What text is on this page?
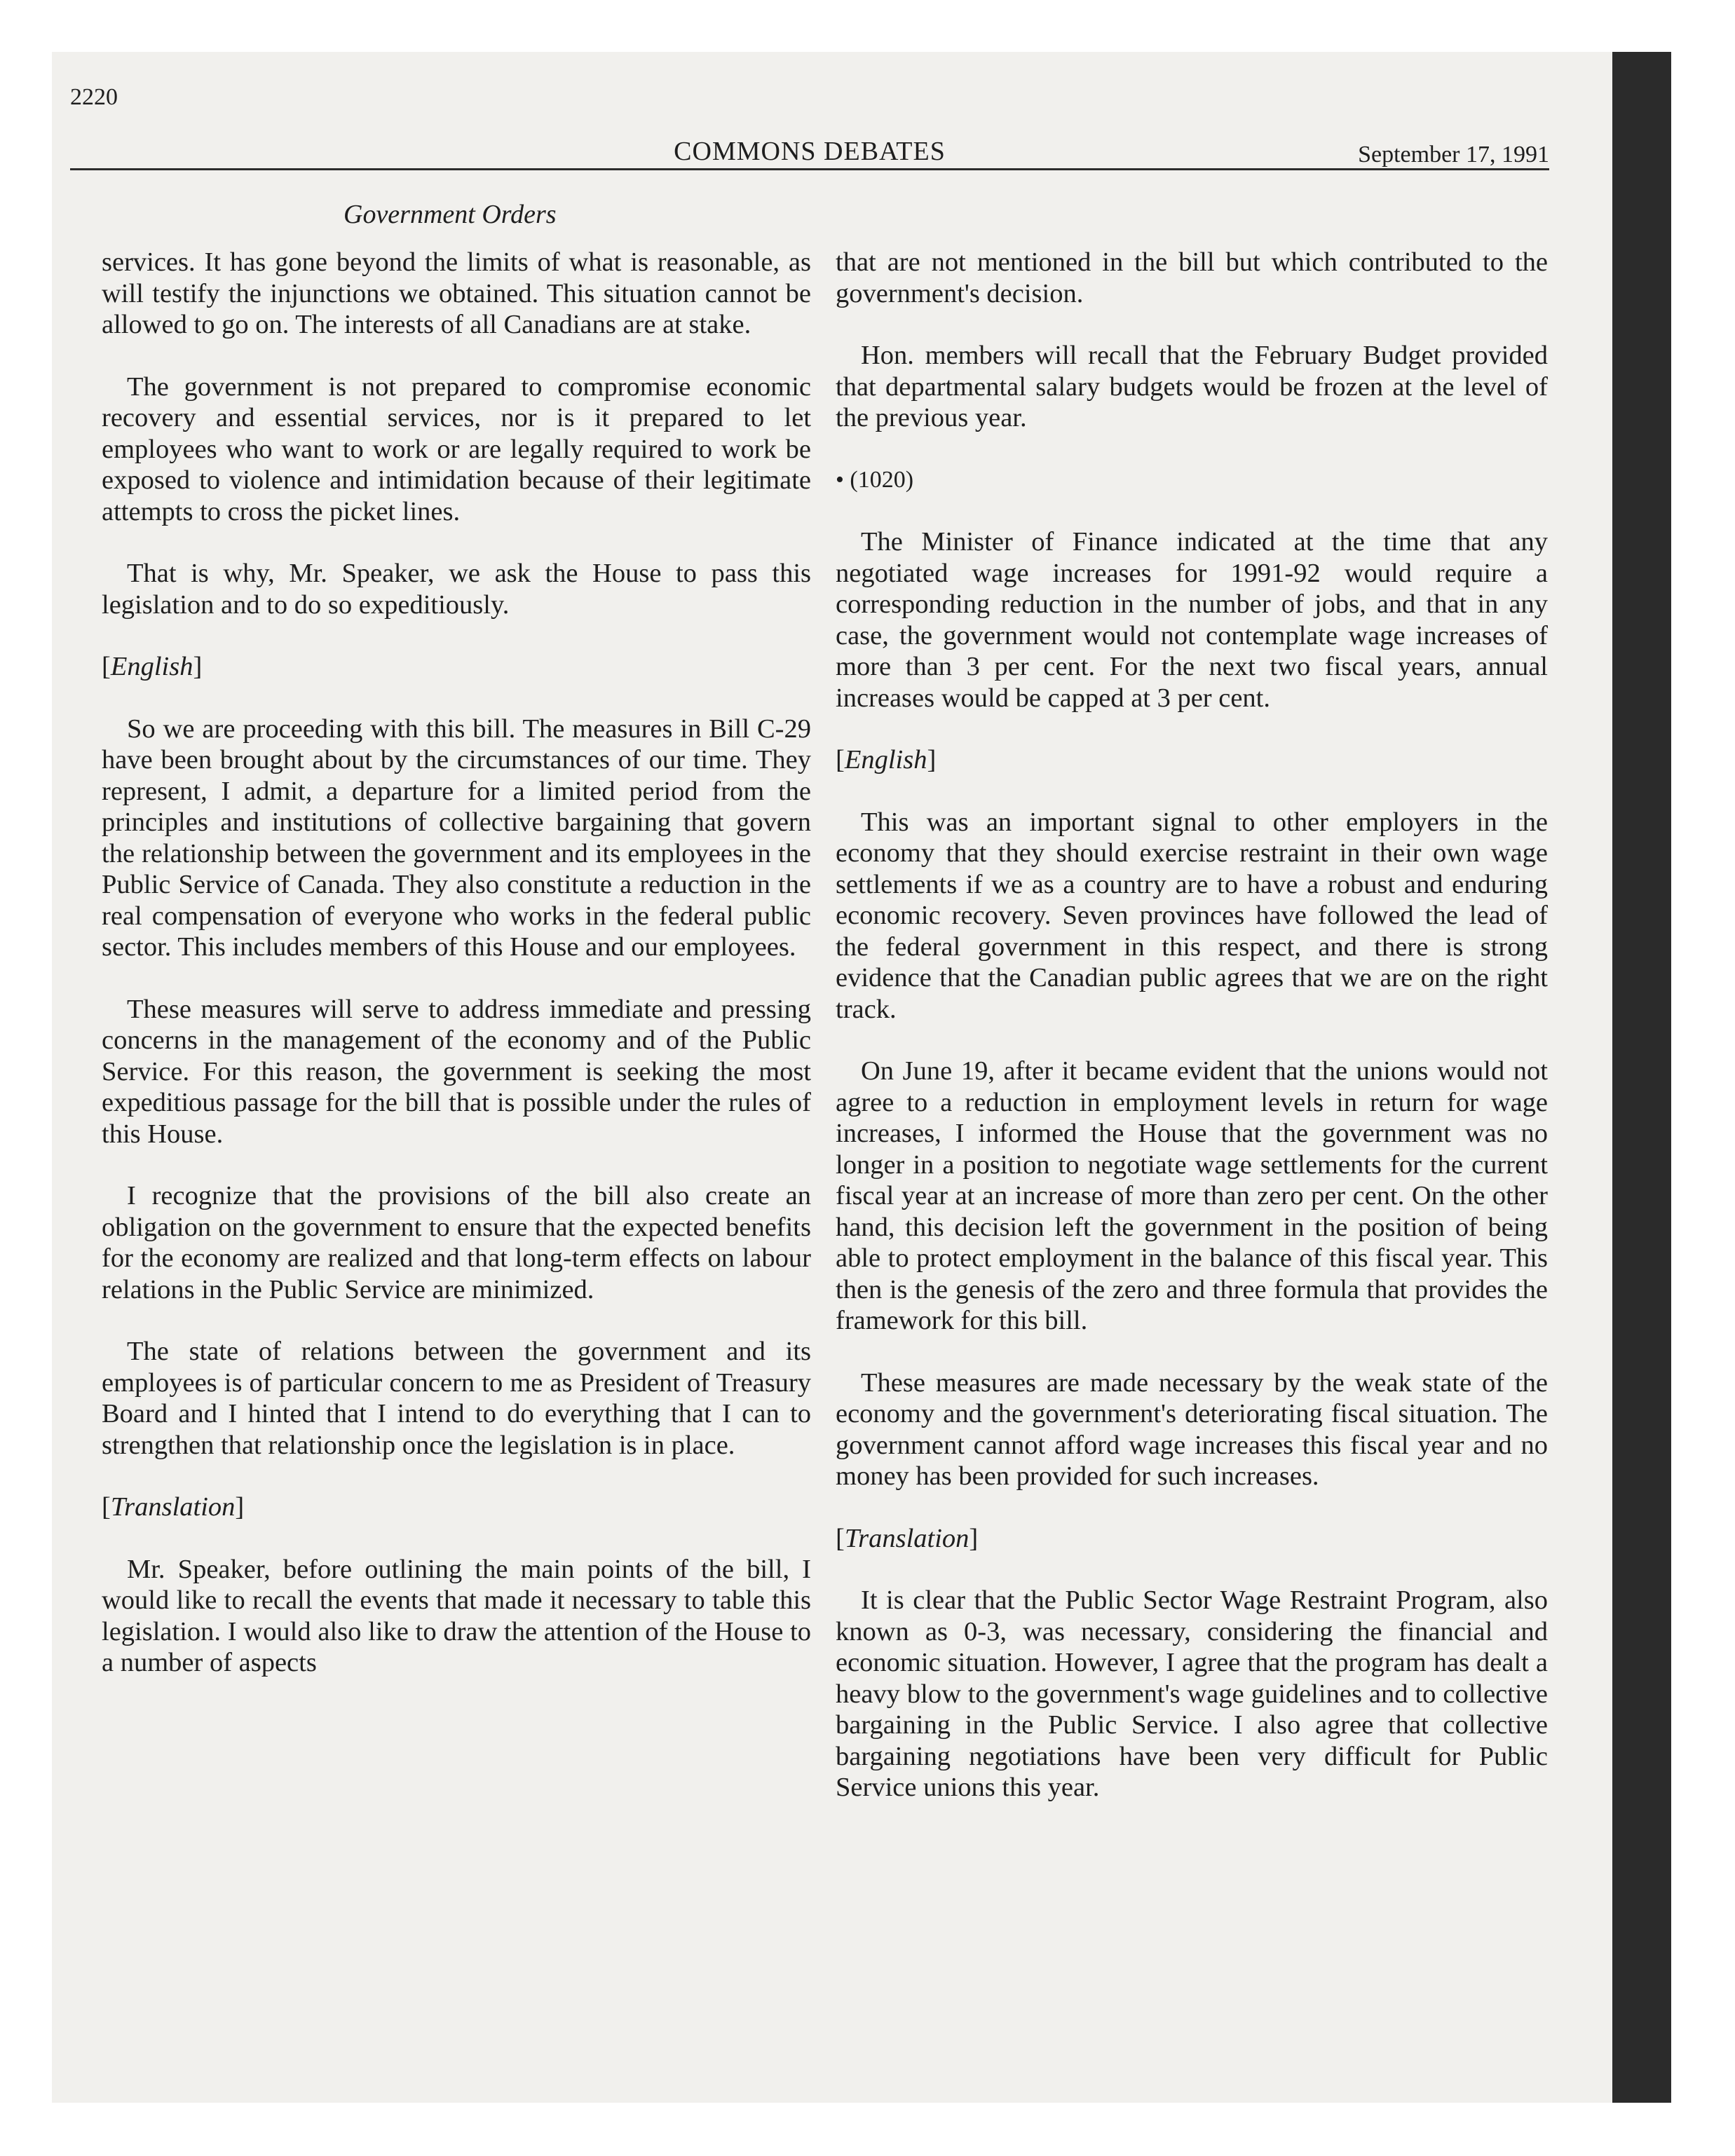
2220
COMMONS DEBATES	September 17, 1991
Government Orders

services. It has gone beyond the limits of what is reasonable, as will testify the injunctions we obtained. This situation cannot be allowed to go on. The interests of all Canadians are at stake.

The government is not prepared to compromise economic recovery and essential services, nor is it prepared to let employees who want to work or are legally required to work be exposed to violence and intimidation because of their legitimate attempts to cross the picket lines.

That is why, Mr. Speaker, we ask the House to pass this legislation and to do so expeditiously.

[English]

So we are proceeding with this bill. The measures in Bill C-29 have been brought about by the circumstances of our time. They represent, I admit, a departure for a limited period from the principles and institutions of collective bargaining that govern the relationship between the government and its employees in the Public Service of Canada. They also constitute a reduction in the real compensation of everyone who works in the federal public sector. This includes members of this House and our employees.

These measures will serve to address immediate and pressing concerns in the management of the economy and of the Public Service. For this reason, the government is seeking the most expeditious passage for the bill that is possible under the rules of this House.

I recognize that the provisions of the bill also create an obligation on the government to ensure that the expected benefits for the economy are realized and that long-term effects on labour relations in the Public Service are minimized.

The state of relations between the government and its employees is of particular concern to me as President of Treasury Board and I hinted that I intend to do everything that I can to strengthen that relationship once the legislation is in place.

[Translation]

Mr. Speaker, before outlining the main points of the bill, I would like to recall the events that made it necessary to table this legislation. I would also like to draw the attention of the House to a number of aspects

that are not mentioned in the bill but which contributed to the government's decision.

Hon. members will recall that the February Budget provided that departmental salary budgets would be frozen at the level of the previous year.

• (1020)

The Minister of Finance indicated at the time that any negotiated wage increases for 1991-92 would require a corresponding reduction in the number of jobs, and that in any case, the government would not contemplate wage increases of more than 3 per cent. For the next two fiscal years, annual increases would be capped at 3 per cent.

[English]

This was an important signal to other employers in the economy that they should exercise restraint in their own wage settlements if we as a country are to have a robust and enduring economic recovery. Seven provinces have followed the lead of the federal government in this respect, and there is strong evidence that the Canadian public agrees that we are on the right track.

On June 19, after it became evident that the unions would not agree to a reduction in employment levels in return for wage increases, I informed the House that the government was no longer in a position to negotiate wage settlements for the current fiscal year at an increase of more than zero per cent. On the other hand, this decision left the government in the position of being able to protect employment in the balance of this fiscal year. This then is the genesis of the zero and three formula that provides the framework for this bill.

These measures are made necessary by the weak state of the economy and the government's deteriorating fiscal situation. The government cannot afford wage increases this fiscal year and no money has been provided for such increases.

[Translation]

It is clear that the Public Sector Wage Restraint Program, also known as 0-3, was necessary, considering the financial and economic situation. However, I agree that the program has dealt a heavy blow to the government's wage guidelines and to collective bargaining in the Public Service. I also agree that collective bargaining negotiations have been very difficult for Public Service unions this year.
